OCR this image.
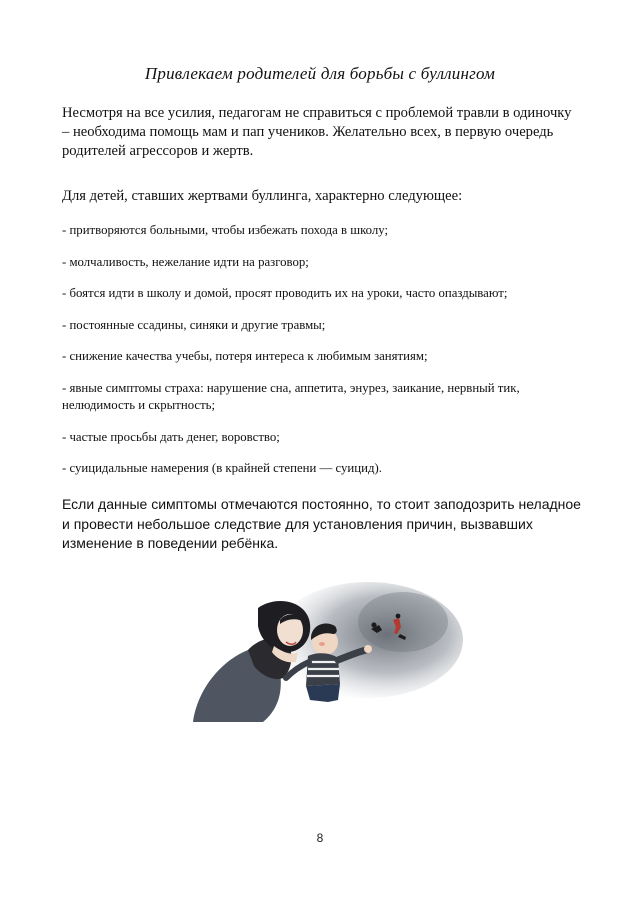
Привлекаем родителей для борьбы с буллингом
Несмотря на все усилия, педагогам не справиться с проблемой травли в одиночку – необходима помощь мам и пап учеников. Желательно всех, в первую очередь родителей агрессоров и жертв.
Для детей, ставших жертвами буллинга, характерно следующее:
- притворяются больными, чтобы избежать похода в школу;
- молчаливость, нежелание идти на разговор;
- боятся идти в школу и домой, просят проводить их на уроки, часто опаздывают;
- постоянные ссадины, синяки и другие травмы;
- снижение качества учебы, потеря интереса к любимым занятиям;
- явные симптомы страха: нарушение сна, аппетита, энурез, заикание, нервный тик, нелюдимость и скрытность;
- частые просьбы дать денег, воровство;
- суицидальные намерения (в крайней степени — суицид).
Если данные симптомы отмечаются постоянно, то стоит заподозрить неладное и провести небольшое следствие для установления причин, вызвавших изменение в поведении ребёнка.
8
